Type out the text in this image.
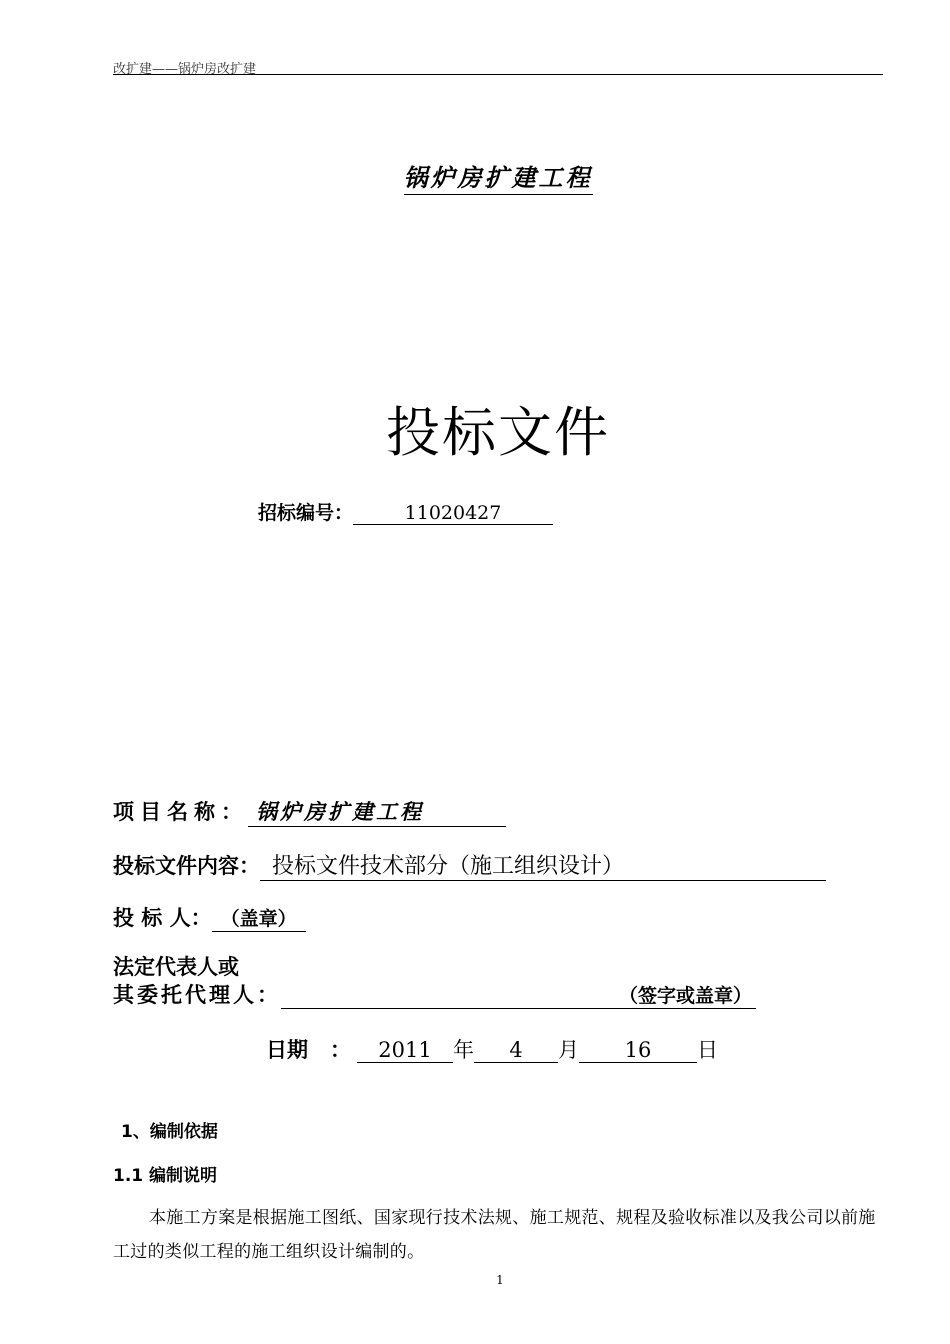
改扩建——锅炉房改扩建
锅炉房扩建工程
投标文件
招标编号：	11020427
项目名称： 锅炉房扩建工程
投标文件内容： 投标文件技术部分（施工组织设计）
投 标 人： （盖章）
法定代表人或
其委托代理人：	（签字或盖章）
日期 ： 2011 年 4 月 16 日
1、编制依据
1.1 编制说明
本施工方案是根据施工图纸、国家现行技术法规、施工规范、规程及验收标准以及我公司以前施工过的类似工程的施工组织设计编制的。
1
